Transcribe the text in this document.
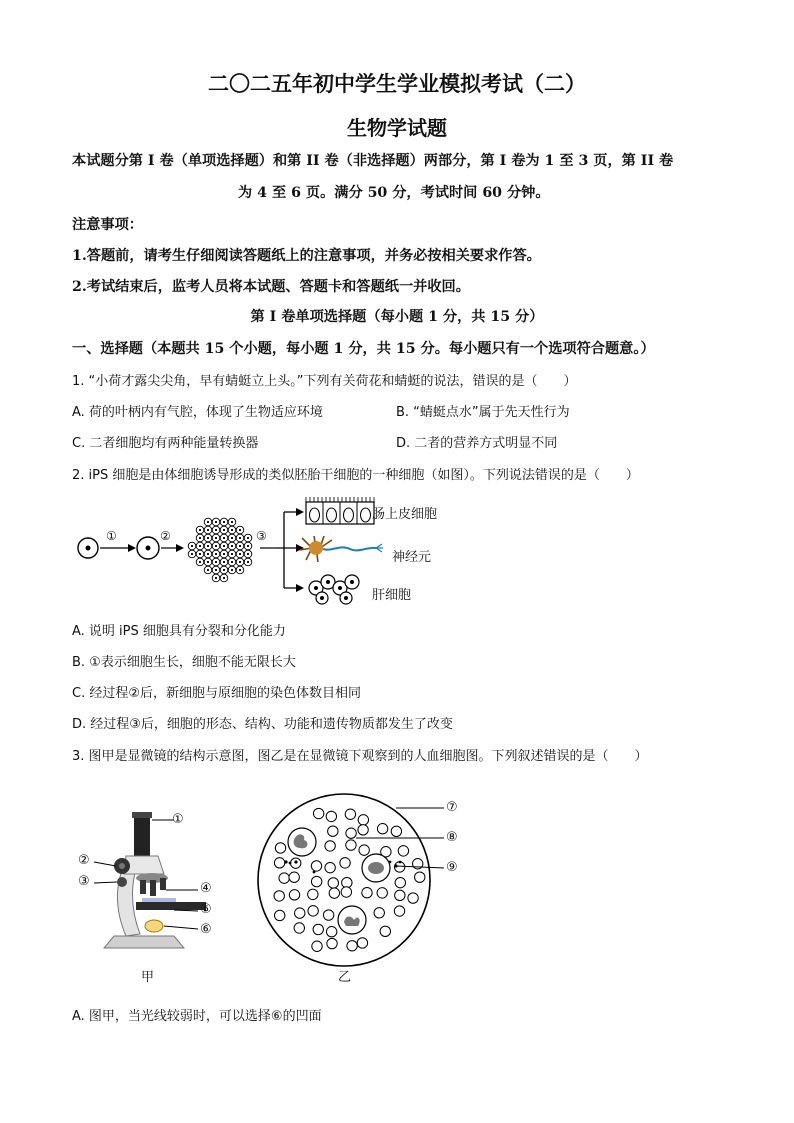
二〇二五年初中学生学业模拟考试（二）
生物学试题
本试题分第 I 卷（单项选择题）和第 II 卷（非选择题）两部分，第 I 卷为 1 至 3 页，第 II 卷
为 4 至 6 页。满分 50 分，考试时间 60 分钟。
注意事项：
1.答题前，请考生仔细阅读答题纸上的注意事项，并务必按相关要求作答。
2.考试结束后，监考人员将本试题、答题卡和答题纸一并收回。
第 I 卷单项选择题（每小题 1 分，共 15 分）
一、选择题（本题共 15 个小题，每小题 1 分，共 15 分。每小题只有一个选项符合题意。）
1. “小荷才露尖尖角，早有蜻蜓立上头。”下列有关荷花和蜻蜓的说法，错误的是（　　）
A. 荷的叶柄内有气腔，体现了生物适应环境	B. “蜻蜓点水”属于先天性行为
C. 二者细胞均有两种能量转换器	D. 二者的营养方式明显不同
2. iPS 细胞是由体细胞诱导形成的类似胚胎干细胞的一种细胞（如图）。下列说法错误的是（　　）
①	②	③
肠上皮细胞
神经元
肝细胞
A. 说明 iPS 细胞具有分裂和分化能力
B. ①表示细胞生长，细胞不能无限长大
C. 经过程②后，新细胞与原细胞的染色体数目相同
D. 经过程③后，细胞的形态、结构、功能和遗传物质都发生了改变
3. 图甲是显微镜的结构示意图，图乙是在显微镜下观察到的人血细胞图。下列叙述错误的是（　　）
①
②
③	④
⑤
⑥
甲
⑦
⑧
⑨
乙
A. 图甲，当光线较弱时，可以选择⑥的凹面
